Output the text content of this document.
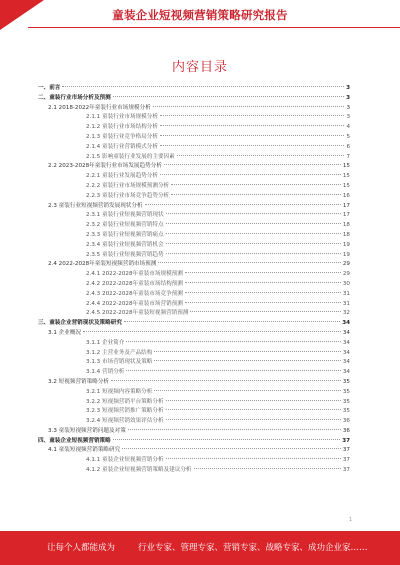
童装企业短视频营销策略研究报告
内容目录
一、前言	3
二、童装行业市场分析及预测	3
2.1 2018-2022年童装行业市场规模分析	3
2.1.1 童装行业市场规模分析	3
2.1.2 童装行业市场结构分析	4
2.1.3 童装行业竞争格局分析	5
2.1.4 童装行业营销模式分析	6
2.1.5 影响童装行业发展的主要因素	7
2.2 2023-2028年童装行业市场发展趋势分析	15
2.2.1 童装行业发展趋势分析	15
2.2.2 童装行业市场规模预测分析	15
2.2.3 童装行业市场竞争趋势分析	16
2.3 童装行业短视频营销发展现状分析	17
2.3.1 童装行业短视频营销现状	17
2.3.2 童装行业短视频营销特点	18
2.3.3 童装行业短视频营销痛点	18
2.3.4 童装行业短视频营销机会	19
2.3.5 童装行业短视频营销趋势	19
2.4 2022-2028年童装短视频营销市场预测	29
2.4.1 2022-2028年童装市场规模预测	29
2.4.2 2022-2028年童装市场结构预测	30
2.4.3 2022-2028年童装市场竞争预测	31
2.4.4 2022-2028年童装市场营销预测	31
2.4.5 2022-2028年童装短视频营销预测	32
三、童装企业营销现状及策略研究	34
3.1 企业概况	34
3.1.1 企业简介	34
3.1.2 主营业务及产品结构	34
3.1.3 市场营销现状及策略	34
3.1.4 营销分析	34
3.2 短视频营销策略分析	35
3.2.1 短视频内容策略分析	35
3.2.2 短视频营销平台策略分析	35
3.2.3 短视频营销推广策略分析	35
3.2.4 短视频营销效果评估分析	36
3.3 童装短视频营销问题及对策	36
四、童装企业短视频营销策略	37
4.1 童装短视频营销策略研究	37
4.1.1 童装企业短视频营销分析	37
4.1.2 童装企业短视频营销策略及建议分析	37
1
让每个人都能成为	行业专家、管理专家、营销专家、战略专家、成功企业家……
